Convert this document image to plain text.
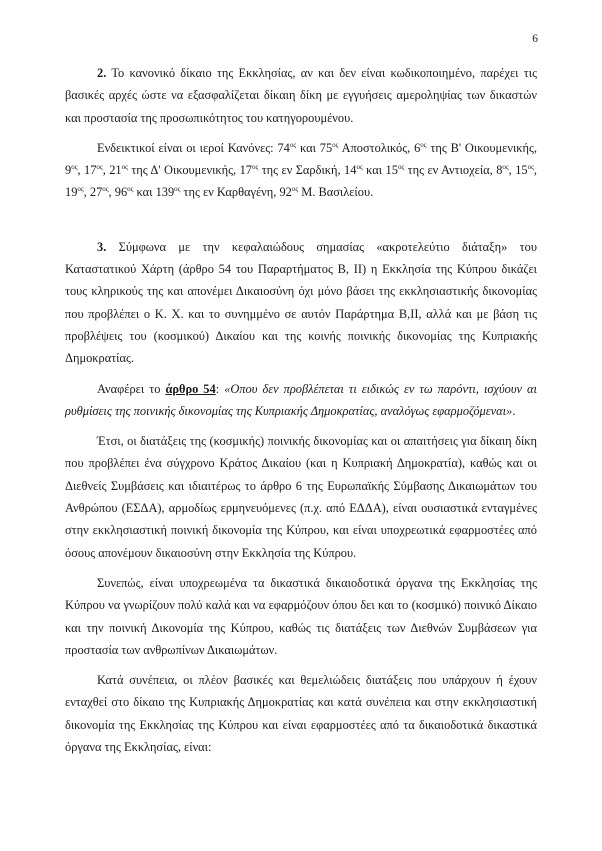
6

2. Το κανονικό δίκαιο της Εκκλησίας, αν και δεν είναι κωδικοποιημένο, παρέχει τις βασικές αρχές ώστε να εξασφαλίζεται δίκαιη δίκη με εγγυήσεις αμεροληψίας των δικαστών και προστασία της προσωπικότητος του κατηγορουμένου.

Ενδεικτικοί είναι οι ιεροί Κανόνες: $74^{o\varsigma}$ και $75^{o\varsigma}$ Αποστολικός, $6^{o\varsigma}$ της Β' Οικουμενικής, $9^{o\varsigma}$, $17^{o\varsigma}$, $21^{o\varsigma}$ της Δ' Οικουμενικής, $17^{o\varsigma}$ της εν Σαρδική, $14^{o\varsigma}$ και $15^{o\varsigma}$ της εν Αντιοχεία, $8^{o\varsigma}$, $15^{o\varsigma}$, $19^{o\varsigma}$, $27^{o\varsigma}$, $96^{o\varsigma}$ και $139^{o\varsigma}$ της εν Καρθαγένη, $92^{o\varsigma}$ Μ. Βασιλείου.

3. Σύμφωνα με την κεφαλαιώδους σημασίας «ακροτελεύτιο διάταξη» του Καταστατικού Χάρτη (άρθρο 54 του Παραρτήματος Β, ΙΙ) η Εκκλησία της Κύπρου δικάζει τους κληρικούς της και απονέμει Δικαιοσύνη όχι μόνο βάσει της εκκλησιαστικής δικονομίας που προβλέπει ο Κ. Χ. και το συνημμένο σε αυτόν Παράρτημα Β,ΙΙ, αλλά και με βάση τις προβλέψεις του (κοσμικού) Δικαίου και της κοινής ποινικής δικονομίας της Κυπριακής Δημοκρατίας.

Αναφέρει το άρθρο 54: «Οπου δεν προβλέπεται τι ειδικώς εν τω παρόντι, ισχύουν αι ρυθμίσεις της ποινικής δικονομίας της Κυπριακής Δημοκρατίας, αναλόγως εφαρμοζόμεναι».

Έτσι, οι διατάξεις της (κοσμικής) ποινικής δικονομίας και οι απαιτήσεις για δίκαιη δίκη που προβλέπει ένα σύγχρονο Κράτος Δικαίου (και η Κυπριακή Δημοκρατία), καθώς και οι Διεθνείς Συμβάσεις και ιδιαιτέρως το άρθρο 6 της Ευρωπαϊκής Σύμβασης Δικαιωμάτων του Ανθρώπου (ΕΣΔΑ), αρμοδίως ερμηνευόμενες (π.χ. από ΕΔΔΑ), είναι ουσιαστικά ενταγμένες στην εκκλησιαστική ποινική δικονομία της Κύπρου, και είναι υποχρεωτικά εφαρμοστέες από όσους απονέμουν δικαιοσύνη στην Εκκλησία της Κύπρου.

Συνεπώς, είναι υποχρεωμένα τα δικαστικά δικαιοδοτικά όργανα της Εκκλησίας της Κύπρου να γνωρίζουν πολύ καλά και να εφαρμόζουν όπου δει και το (κοσμικό) ποινικό Δίκαιο και την ποινική Δικονομία της Κύπρου, καθώς τις διατάξεις των Διεθνών Συμβάσεων για προστασία των ανθρωπίνων Δικαιωμάτων.

Κατά συνέπεια, οι πλέον βασικές και θεμελιώδεις διατάξεις που υπάρχουν ή έχουν ενταχθεί στο δίκαιο της Κυπριακής Δημοκρατίας και κατά συνέπεια και στην εκκλησιαστική δικονομία της Εκκλησίας της Κύπρου και είναι εφαρμοστέες από τα δικαιοδοτικά δικαστικά όργανα της Εκκλησίας, είναι:
